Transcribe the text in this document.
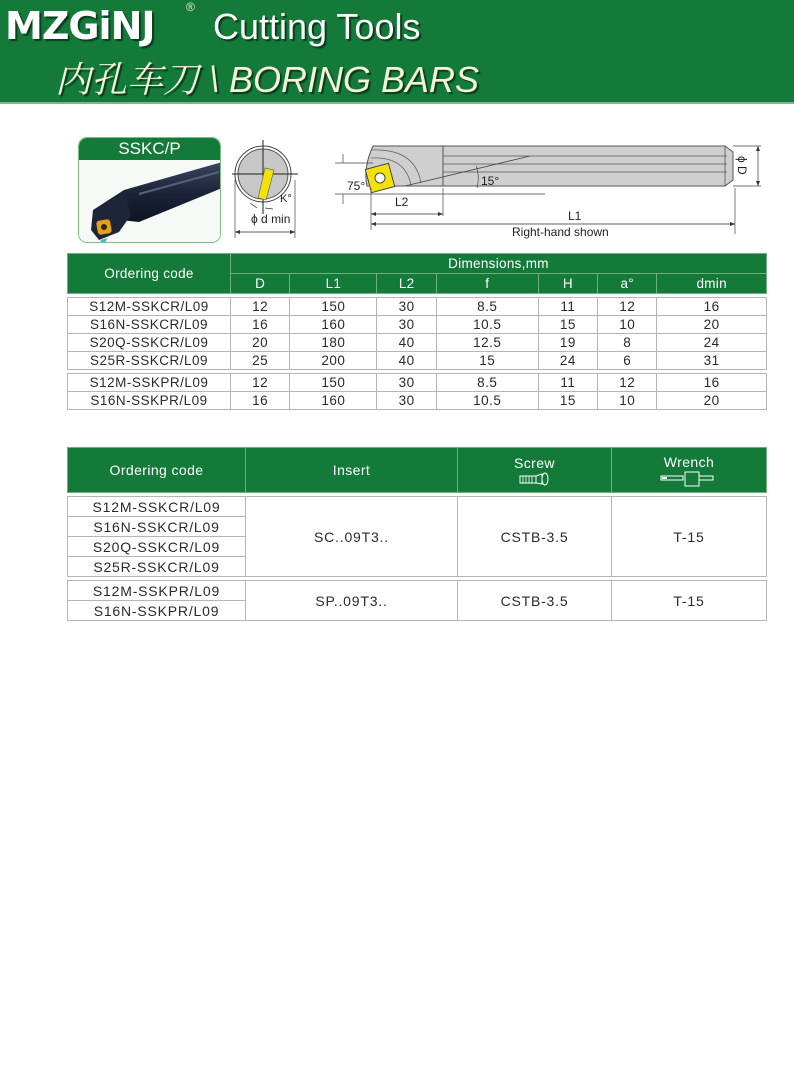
MZGiNJ	® Cutting Tools
内孔车刀 \ BORING BARS
SSKC/P
K°
ϕ d min
75°	15°
L2
L1
Right-hand shown
ϕ D
Ordering code	Dimensions,mm						
	D	L1	L2	f	H	a°	dmin

S12M-SSKCR/L09	12	150	30	8.5	11	12	16
S16N-SSKCR/L09	16	160	30	10.5	15	10	20
S20Q-SSKCR/L09	20	180	40	12.5	19	8	24
S25R-SSKCR/L09	25	200	40	15	24	6	31

S12M-SSKPR/L09	12	150	30	8.5	11	12	16
S16N-SSKPR/L09	16	160	30	10.5	15	10	20
Ordering code	Insert	Screw	Wrench

S12M-SSKCR/L09	SC..09T3..	CSTB-3.5	T-15
S16N-SSKCR/L09			
S20Q-SSKCR/L09			
S25R-SSKCR/L09			

S12M-SSKPR/L09	SP..09T3..	CSTB-3.5	T-15
S16N-SSKPR/L09			
